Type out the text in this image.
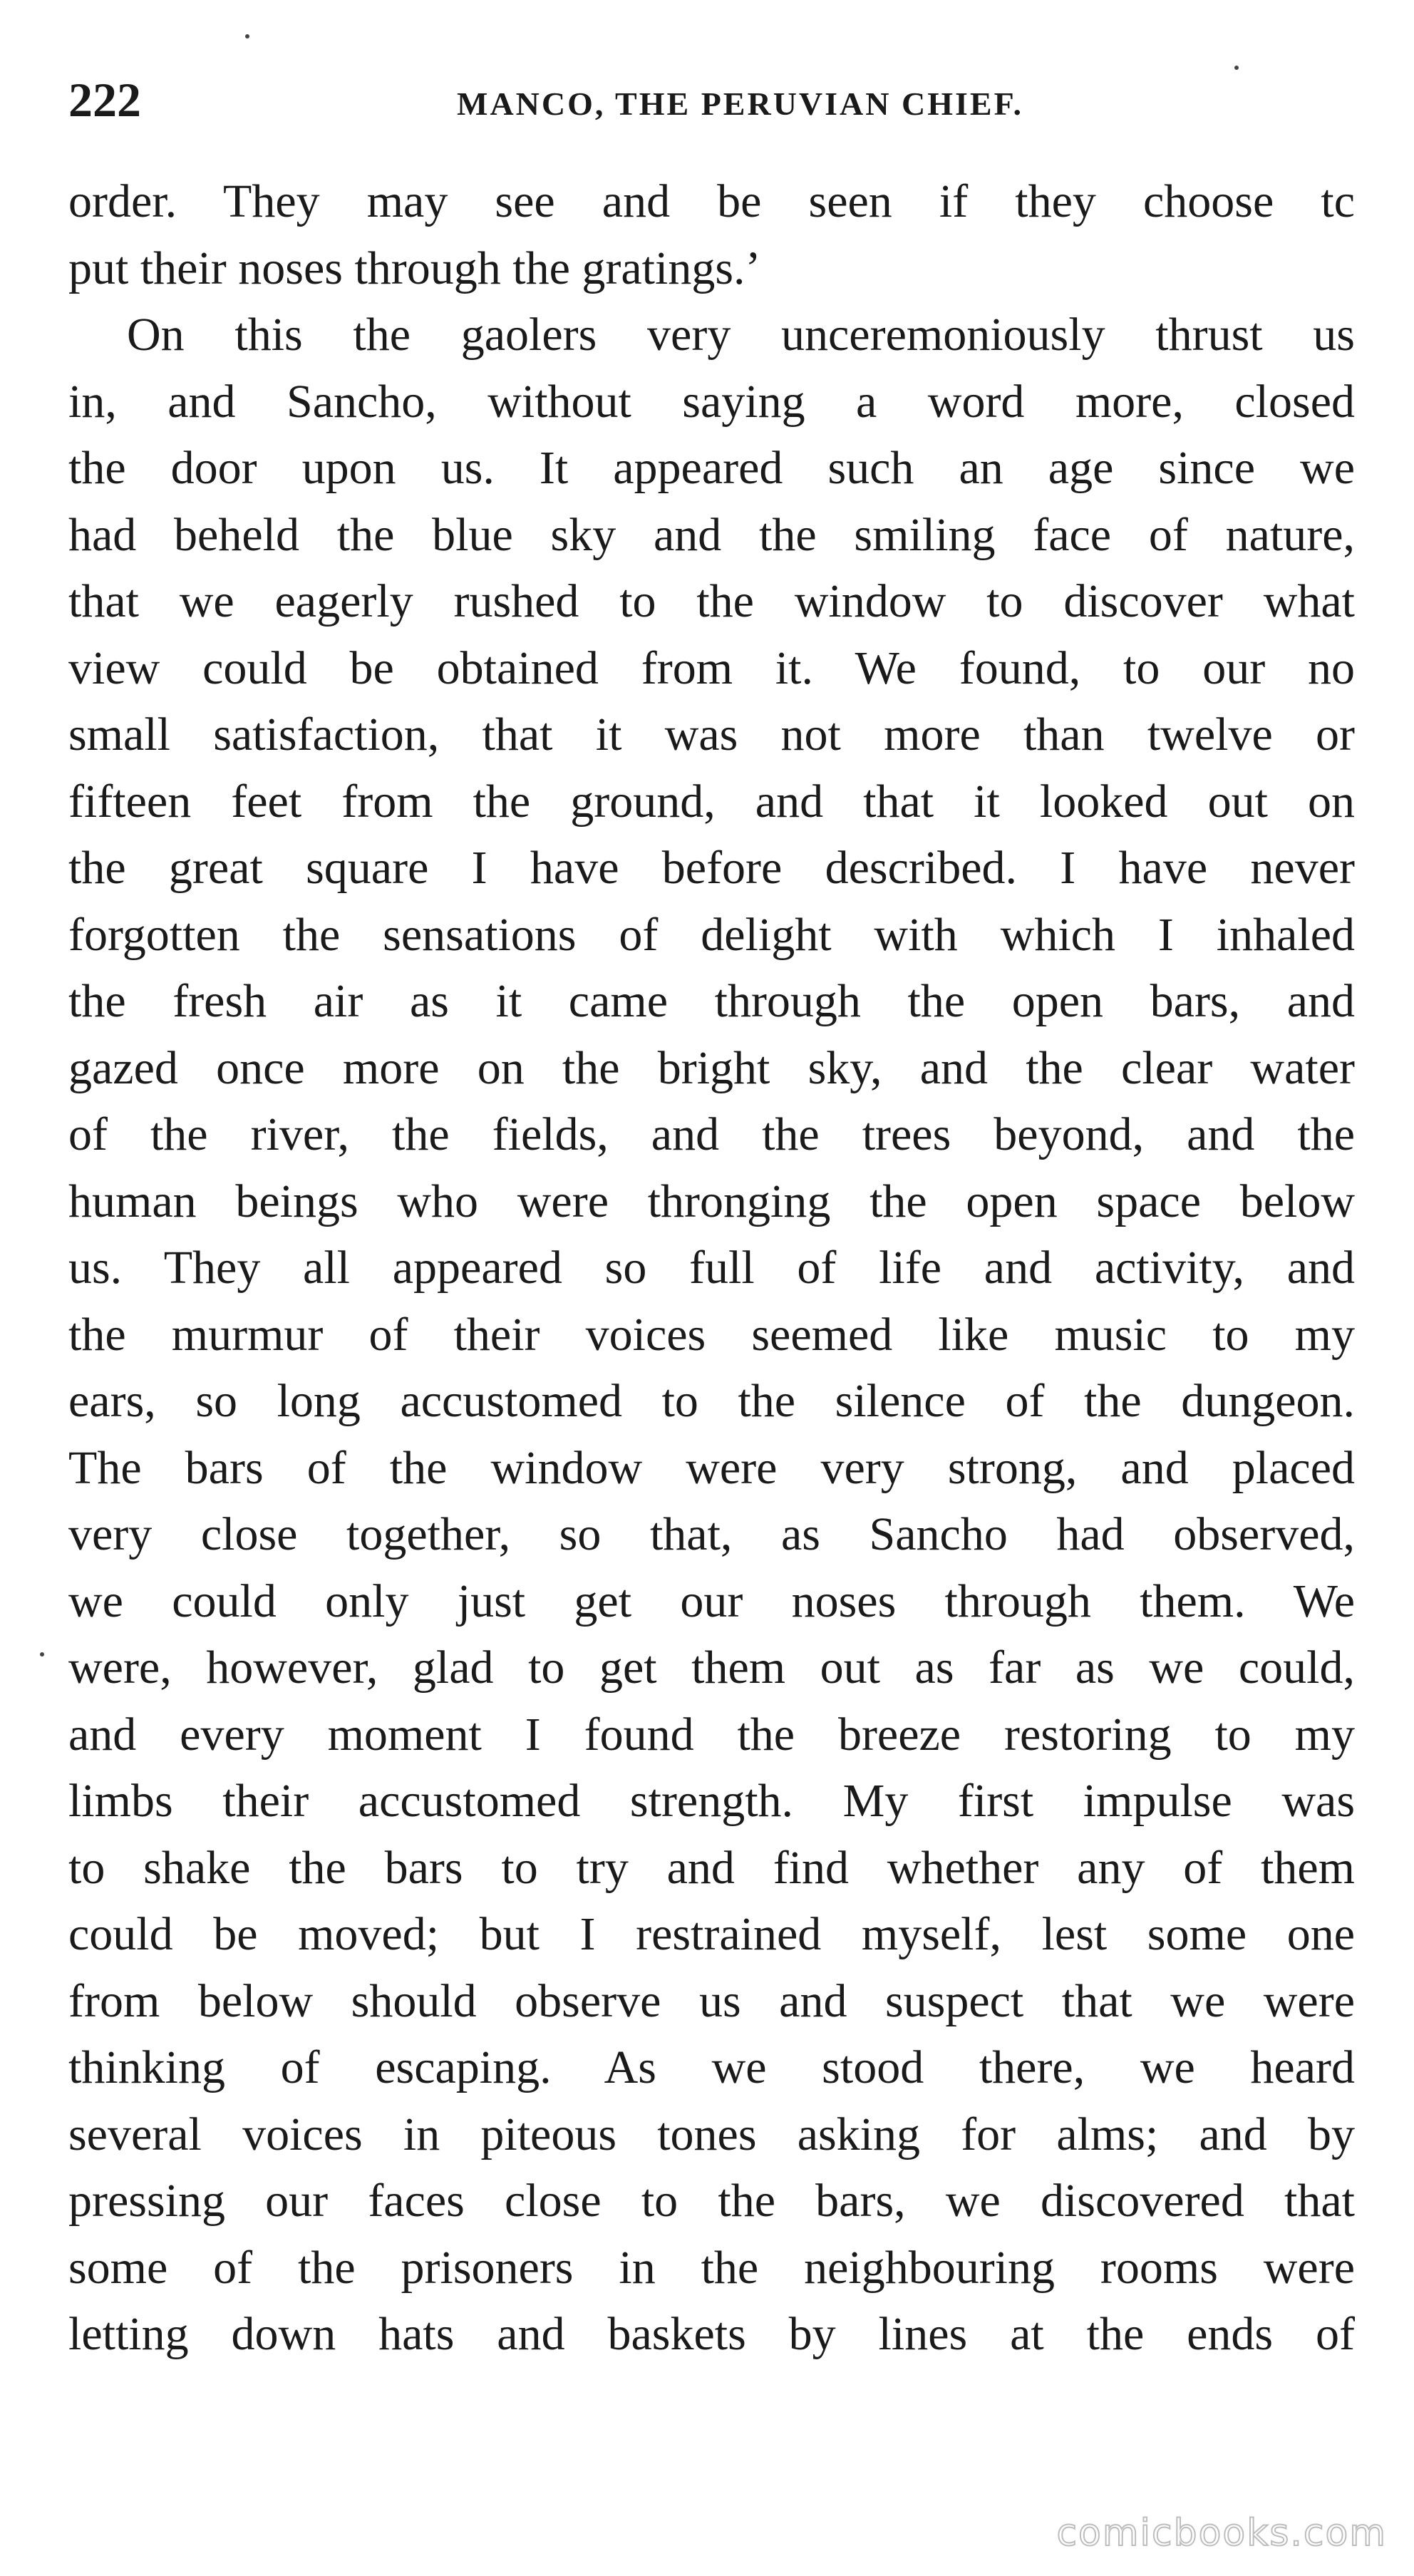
222	MANCO, THE PERUVIAN CHIEF.
order. They may see and be seen if they choose tc
put their noses through the gratings.’
On this the gaolers very unceremoniously thrust us
in, and Sancho, without saying a word more, closed
the door upon us. It appeared such an age since we
had beheld the blue sky and the smiling face of nature,
that we eagerly rushed to the window to discover what
view could be obtained from it. We found, to our no
small satisfaction, that it was not more than twelve or
fifteen feet from the ground, and that it looked out on
the great square I have before described. I have never
forgotten the sensations of delight with which I inhaled
the fresh air as it came through the open bars, and
gazed once more on the bright sky, and the clear water
of the river, the fields, and the trees beyond, and the
human beings who were thronging the open space below
us. They all appeared so full of life and activity, and
the murmur of their voices seemed like music to my
ears, so long accustomed to the silence of the dungeon.
The bars of the window were very strong, and placed
very close together, so that, as Sancho had observed,
we could only just get our noses through them. We
were, however, glad to get them out as far as we could,
and every moment I found the breeze restoring to my
limbs their accustomed strength. My first impulse was
to shake the bars to try and find whether any of them
could be moved; but I restrained myself, lest some one
from below should observe us and suspect that we were
thinking of escaping. As we stood there, we heard
several voices in piteous tones asking for alms; and by
pressing our faces close to the bars, we discovered that
some of the prisoners in the neighbouring rooms were
letting down hats and baskets by lines at the ends of
comicbooks.com
